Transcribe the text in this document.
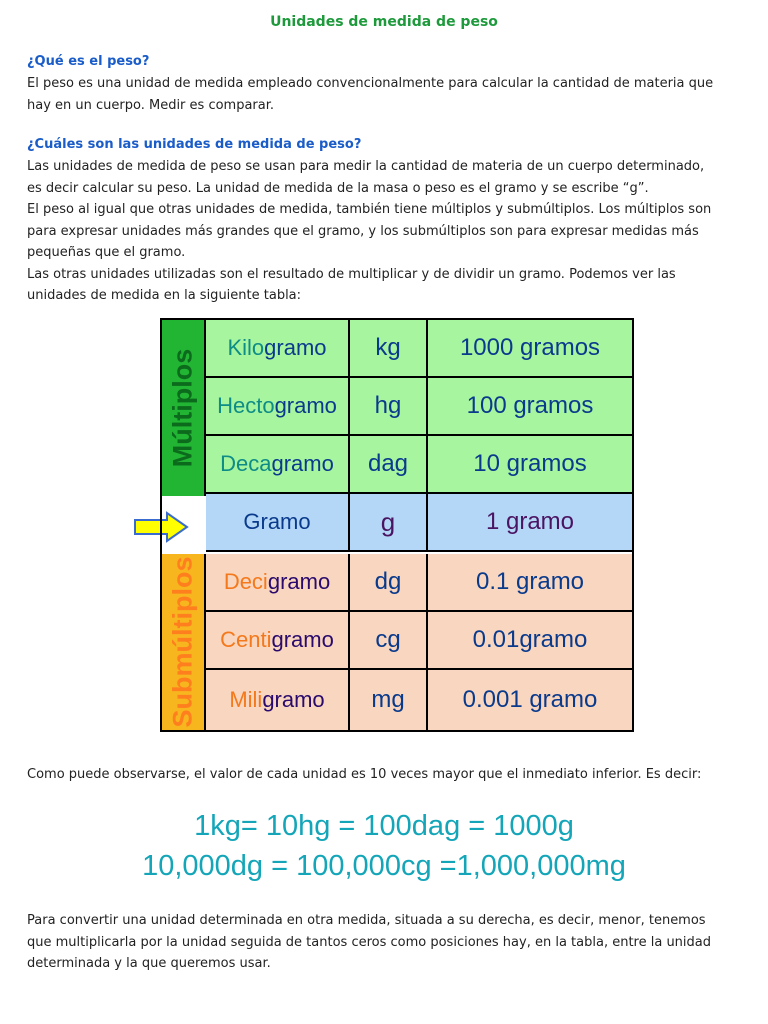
Unidades de medida de peso
¿Qué es el peso?
El peso es una unidad de medida empleado convencionalmente para calcular la cantidad de materia que
hay en un cuerpo. Medir es comparar.
¿Cuáles son las unidades de medida de peso?
Las unidades de medida de peso se usan para medir la cantidad de materia de un cuerpo determinado,
es decir calcular su peso. La unidad de medida de la masa o peso es el gramo y se escribe “g”.
El peso al igual que otras unidades de medida, también tiene múltiplos y submúltiplos. Los múltiplos son
para expresar unidades más grandes que el gramo, y los submúltiplos son para expresar medidas más
pequeñas que el gramo.
Las otras unidades utilizadas son el resultado de multiplicar y de dividir un gramo. Podemos ver las
unidades de medida en la siguiente tabla:
Múltiplos
Submúltiplos
Kilo gramo	kg	1000 gramos
Hecto gramo	hg	100 gramos
Deca gramo	dag	10 gramos
Gramo	g	1 gramo
Deci gramo	dg	0.1 gramo
Centi gramo	cg	0.01gramo
Mili gramo	mg	0.001 gramo
Como puede observarse, el valor de cada unidad es 10 veces mayor que el inmediato inferior. Es decir:
1kg= 10hg = 100dag = 1000g
10,000dg = 100,000cg =1,000,000mg
Para convertir una unidad determinada en otra medida, situada a su derecha, es decir, menor, tenemos
que multiplicarla por la unidad seguida de tantos ceros como posiciones hay, en la tabla, entre la unidad
determinada y la que queremos usar.
